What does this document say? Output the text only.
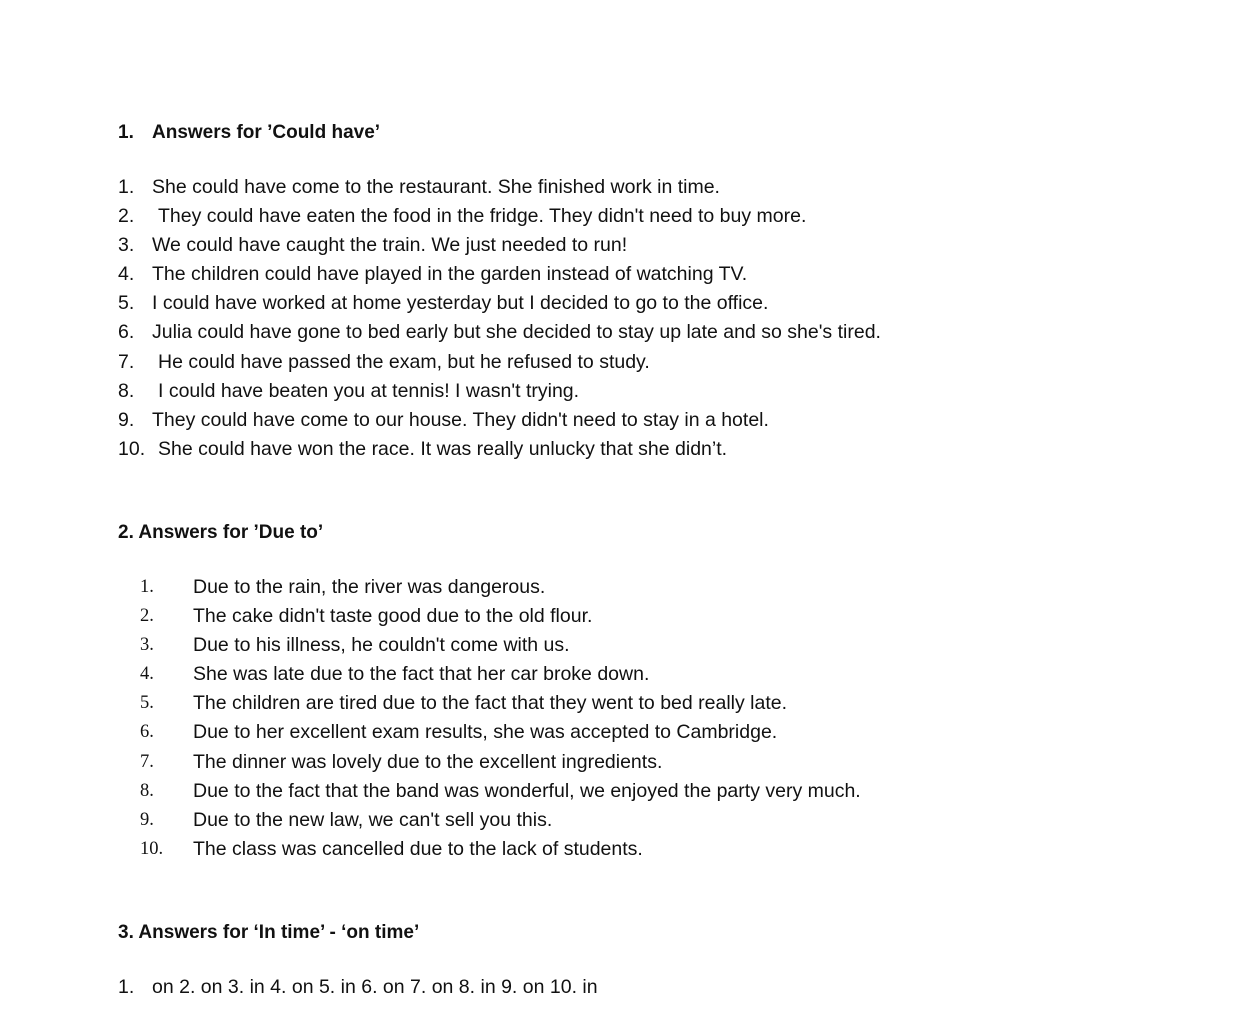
1. Answers for ’Could have’
1. She could have come to the restaurant. She finished work in time.
2. They could have eaten the food in the fridge. They didn't need to buy more.
3. We could have caught the train. We just needed to run!
4. The children could have played in the garden instead of watching TV.
5. I could have worked at home yesterday but I decided to go to the office.
6. Julia could have gone to bed early but she decided to stay up late and so she's tired.
7. He could have passed the exam, but he refused to study.
8. I could have beaten you at tennis! I wasn't trying.
9. They could have come to our house. They didn't need to stay in a hotel.
10. She could have won the race. It was really unlucky that she didn’t.
2. Answers for ’Due to’
1. Due to the rain, the river was dangerous.
2. The cake didn't taste good due to the old flour.
3. Due to his illness, he couldn't come with us.
4. She was late due to the fact that her car broke down.
5. The children are tired due to the fact that they went to bed really late.
6. Due to her excellent exam results, she was accepted to Cambridge.
7. The dinner was lovely due to the excellent ingredients.
8. Due to the fact that the band was wonderful, we enjoyed the party very much.
9. Due to the new law, we can't sell you this.
10. The class was cancelled due to the lack of students.
3. Answers for ‘In time’ - ‘on time’
1. on 2. on 3. in 4. on 5. in 6. on 7. on 8. in 9. on 10. in
